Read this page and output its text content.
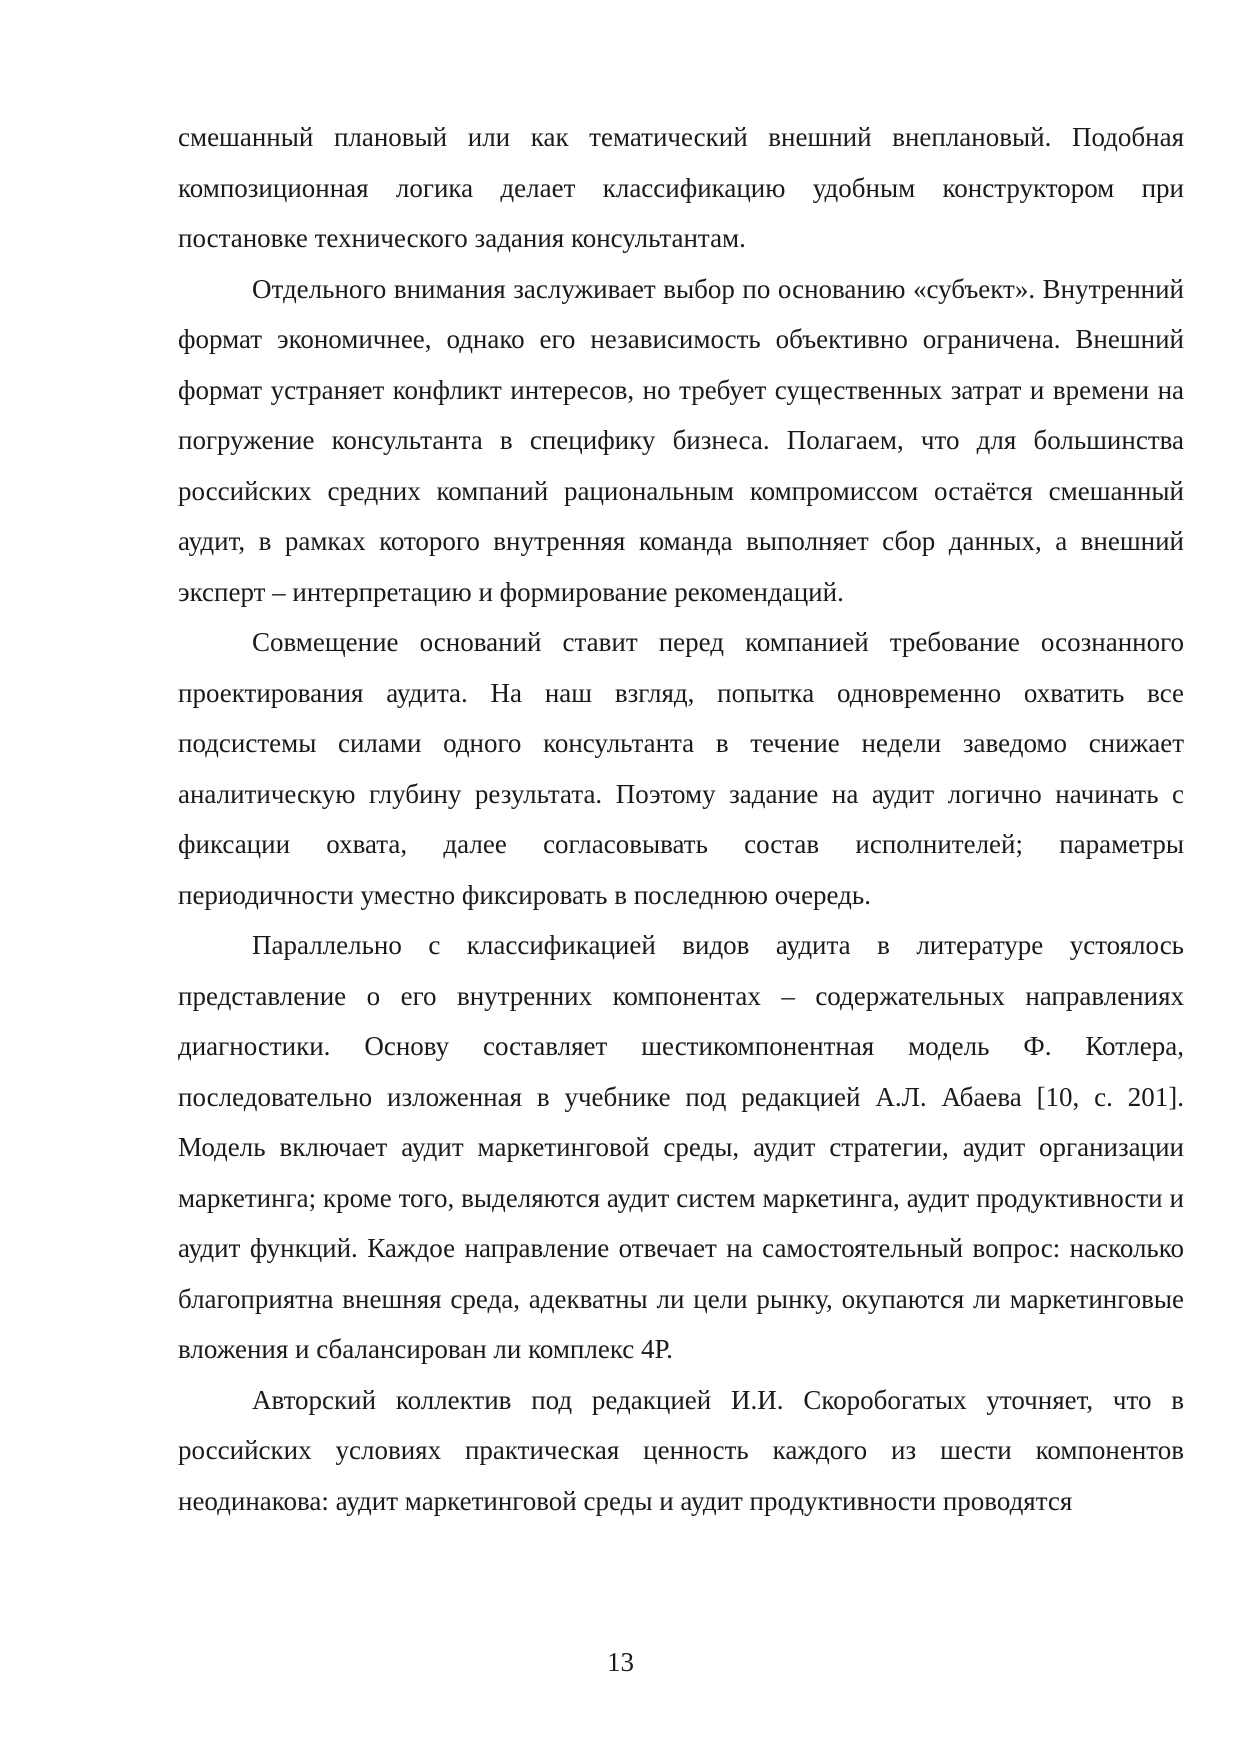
смешанный плановый или как тематический внешний внеплановый. Подобная композиционная логика делает классификацию удобным конструктором при постановке технического задания консультантам.

Отдельного внимания заслуживает выбор по основанию «субъект». Внутренний формат экономичнее, однако его независимость объективно ограничена. Внешний формат устраняет конфликт интересов, но требует существенных затрат и времени на погружение консультанта в специфику бизнеса. Полагаем, что для большинства российских средних компаний рациональным компромиссом остаётся смешанный аудит, в рамках которого внутренняя команда выполняет сбор данных, а внешний эксперт – интерпретацию и формирование рекомендаций.

Совмещение оснований ставит перед компанией требование осознанного проектирования аудита. На наш взгляд, попытка одновременно охватить все подсистемы силами одного консультанта в течение недели заведомо снижает аналитическую глубину результата. Поэтому задание на аудит логично начинать с фиксации охвата, далее согласовывать состав исполнителей; параметры периодичности уместно фиксировать в последнюю очередь.

Параллельно с классификацией видов аудита в литературе устоялось представление о его внутренних компонентах – содержательных направлениях диагностики. Основу составляет шестикомпонентная модель Ф. Котлера, последовательно изложенная в учебнике под редакцией А.Л. Абаева [10, с. 201]. Модель включает аудит маркетинговой среды, аудит стратегии, аудит организации маркетинга; кроме того, выделяются аудит систем маркетинга, аудит продуктивности и аудит функций. Каждое направление отвечает на самостоятельный вопрос: насколько благоприятна внешняя среда, адекватны ли цели рынку, окупаются ли маркетинговые вложения и сбалансирован ли комплекс 4Р.

Авторский коллектив под редакцией И.И. Скоробогатых уточняет, что в российских условиях практическая ценность каждого из шести компонентов неодинакова: аудит маркетинговой среды и аудит продуктивности проводятся

13
